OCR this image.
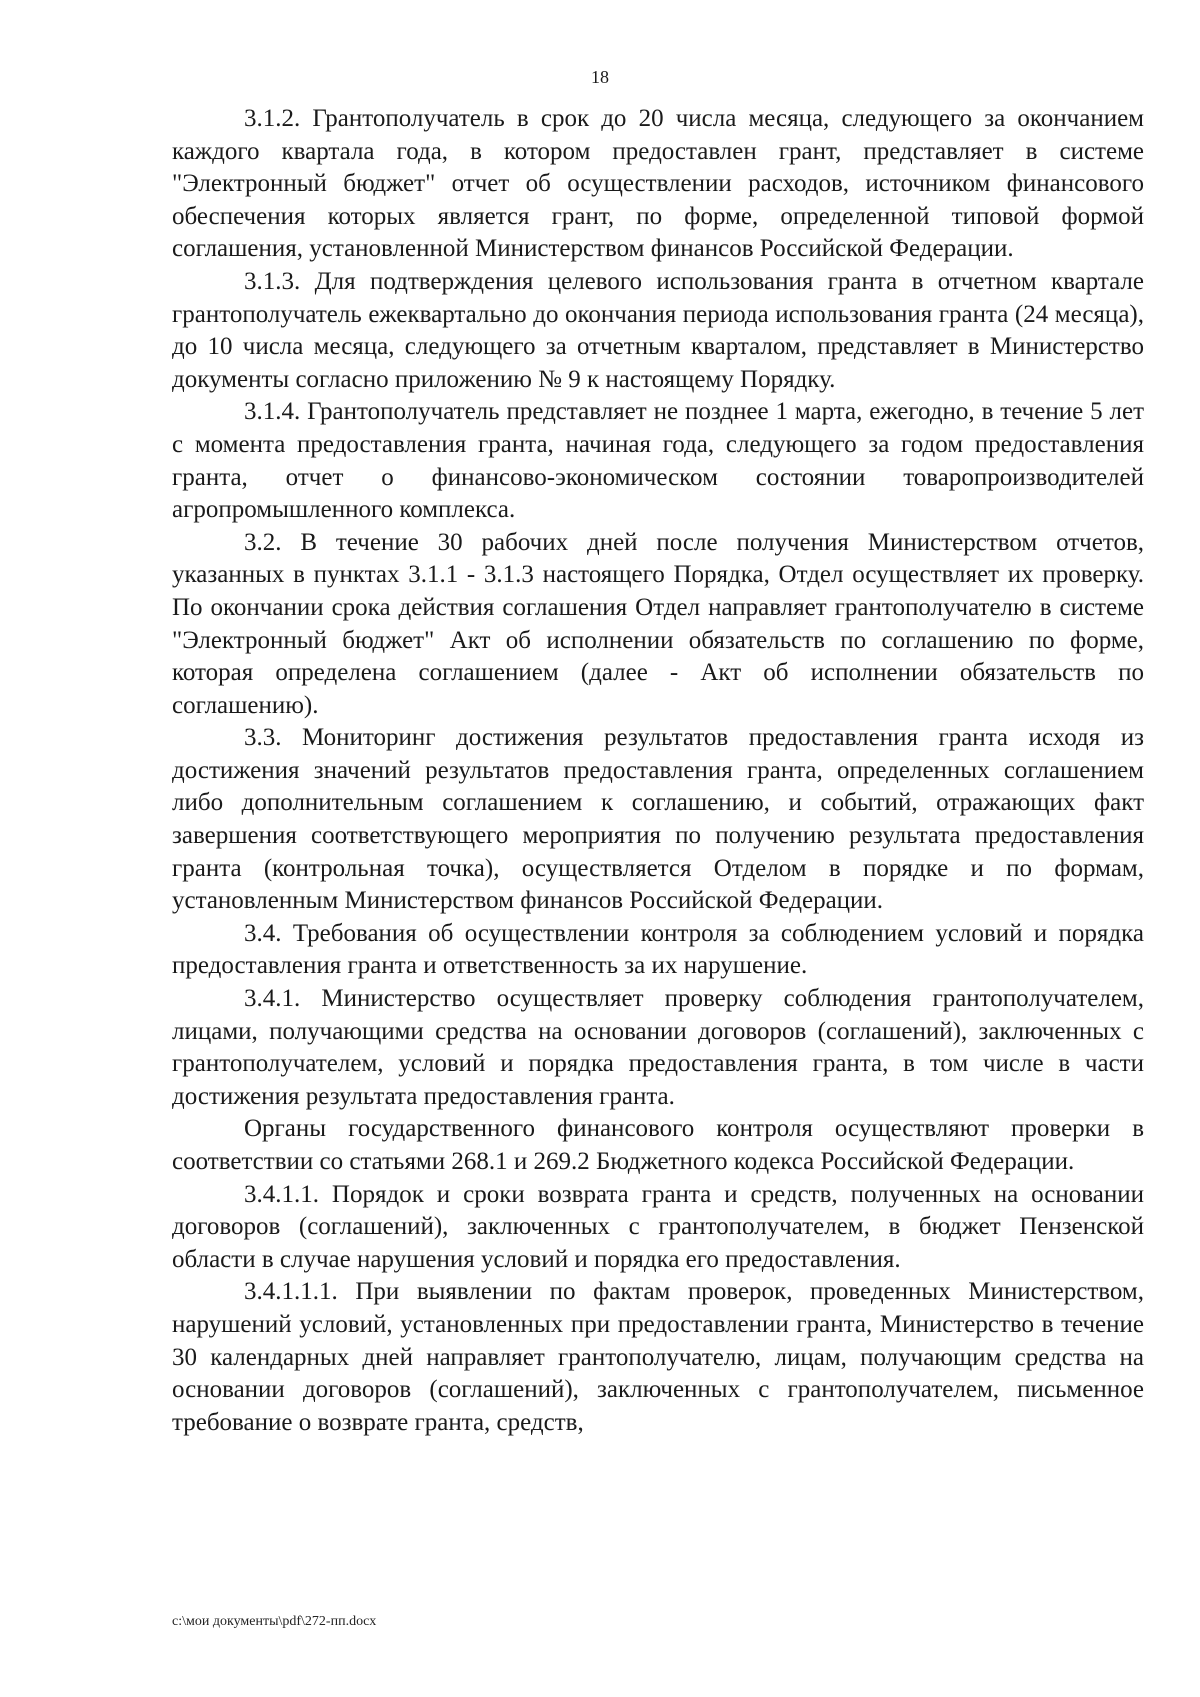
18

3.1.2. Грантополучатель в срок до 20 числа месяца, следующего за окончанием каждого квартала года, в котором предоставлен грант, представляет в системе "Электронный бюджет" отчет об осуществлении расходов, источником финансового обеспечения которых является грант, по форме, определенной типовой формой соглашения, установленной Министерством финансов Российской Федерации.

3.1.3. Для подтверждения целевого использования гранта в отчетном квартале грантополучатель ежеквартально до окончания периода использования гранта (24 месяца), до 10 числа месяца, следующего за отчетным кварталом, представляет в Министерство документы согласно приложению № 9 к настоящему Порядку.

3.1.4. Грантополучатель представляет не позднее 1 марта, ежегодно, в течение 5 лет с момента предоставления гранта, начиная года, следующего за годом предоставления гранта, отчет о финансово-экономическом состоянии товаропроизводителей агропромышленного комплекса.

3.2. В течение 30 рабочих дней после получения Министерством отчетов, указанных в пунктах 3.1.1 - 3.1.3 настоящего Порядка, Отдел осуществляет их проверку. По окончании срока действия соглашения Отдел направляет грантополучателю в системе "Электронный бюджет" Акт об исполнении обязательств по соглашению по форме, которая определена соглашением (далее - Акт об исполнении обязательств по соглашению).

3.3. Мониторинг достижения результатов предоставления гранта исходя из достижения значений результатов предоставления гранта, определенных соглашением либо дополнительным соглашением к соглашению, и событий, отражающих факт завершения соответствующего мероприятия по получению результата предоставления гранта (контрольная точка), осуществляется Отделом в порядке и по формам, установленным Министерством финансов Российской Федерации.

3.4. Требования об осуществлении контроля за соблюдением условий и порядка предоставления гранта и ответственность за их нарушение.

3.4.1. Министерство осуществляет проверку соблюдения грантополучателем, лицами, получающими средства на основании договоров (соглашений), заключенных с грантополучателем, условий и порядка предоставления гранта, в том числе в части достижения результата предоставления гранта.

Органы государственного финансового контроля осуществляют проверки в соответствии со статьями 268.1 и 269.2 Бюджетного кодекса Российской Федерации.

3.4.1.1. Порядок и сроки возврата гранта и средств, полученных на основании договоров (соглашений), заключенных с грантополучателем, в бюджет Пензенской области в случае нарушения условий и порядка его предоставления.

3.4.1.1.1. При выявлении по фактам проверок, проведенных Министерством, нарушений условий, установленных при предоставлении гранта, Министерство в течение 30 календарных дней направляет грантополучателю, лицам, получающим средства на основании договоров (соглашений), заключенных с грантополучателем, письменное требование о возврате гранта, средств,

с:\мои документы\pdf\272-пп.docx
